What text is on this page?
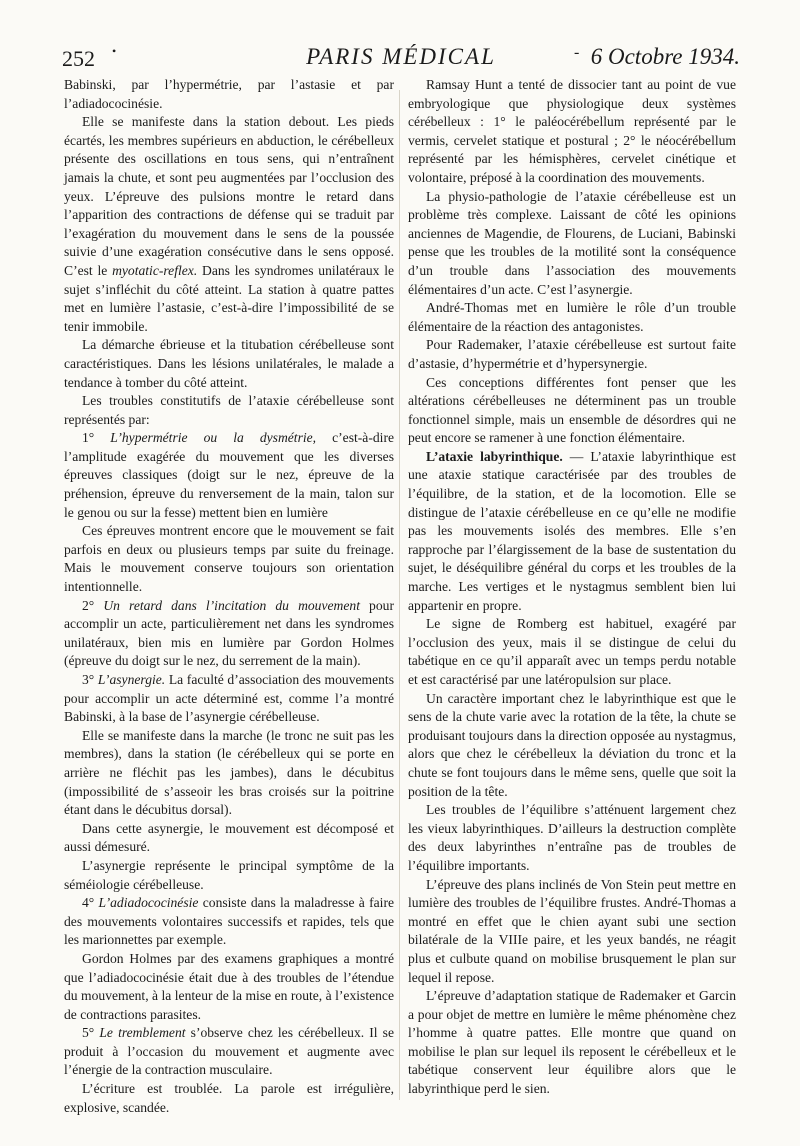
252 •	PARIS MÉDICAL	- 6 Octobre 1934.

Babinski, par l’hypermétrie, par l’astasie et par l’adiadococinésie.

Elle se manifeste dans la station debout. Les pieds écartés, les membres supérieurs en abduction, le cérébelleux présente des oscillations en tous sens, qui n’entraînent jamais la chute, et sont peu augmentées par l’occlusion des yeux. L’épreuve des pulsions montre le retard dans l’apparition des contractions de défense qui se traduit par l’exagération du mouvement dans le sens de la poussée suivie d’une exagération consécutive dans le sens opposé. C’est le myotatic-reflex. Dans les syndromes unilatéraux le sujet s’infléchit du côté atteint. La station à quatre pattes met en lumière l’astasie, c’est-à-dire l’impossibilité de se tenir immobile.

La démarche ébrieuse et la titubation cérébelleuse sont caractéristiques. Dans les lésions unilatérales, le malade a tendance à tomber du côté atteint.

Les troubles constitutifs de l’ataxie cérébelleuse sont représentés par:

1° L’hypermétrie ou la dysmétrie, c’est-à-dire l’amplitude exagérée du mouvement que les diverses épreuves classiques (doigt sur le nez, épreuve de la préhension, épreuve du renversement de la main, talon sur le genou ou sur la fesse) mettent bien en lumière

Ces épreuves montrent encore que le mouvement se fait parfois en deux ou plusieurs temps par suite du freinage. Mais le mouvement conserve toujours son orientation intentionnelle.

2° Un retard dans l’incitation du mouvement pour accomplir un acte, particulièrement net dans les syndromes unilatéraux, bien mis en lumière par Gordon Holmes (épreuve du doigt sur le nez, du serrement de la main).

3° L’asynergie. La faculté d’association des mouvements pour accomplir un acte déterminé est, comme l’a montré Babinski, à la base de l’asynergie cérébelleuse.

Elle se manifeste dans la marche (le tronc ne suit pas les membres), dans la station (le cérébelleux qui se porte en arrière ne fléchit pas les jambes), dans le décubitus (impossibilité de s’asseoir les bras croisés sur la poitrine étant dans le décubitus dorsal).

Dans cette asynergie, le mouvement est décomposé et aussi démesuré.

L’asynergie représente le principal symptôme de la séméiologie cérébelleuse.

4° L’adiadococinésie consiste dans la maladresse à faire des mouvements volontaires successifs et rapides, tels que les marionnettes par exemple.

Gordon Holmes par des examens graphiques a montré que l’adiadococinésie était due à des troubles de l’étendue du mouvement, à la lenteur de la mise en route, à l’existence de contractions parasites.

5° Le tremblement s’observe chez les cérébelleux. Il se produit à l’occasion du mouvement et augmente avec l’énergie de la contraction musculaire.

L’écriture est troublée. La parole est irrégulière, explosive, scandée.

Ramsay Hunt a tenté de dissocier tant au point de vue embryologique que physiologique deux systèmes cérébelleux : 1° le paléocérébellum représenté par le vermis, cervelet statique et postural ; 2° le néocérébellum représenté par les hémisphères, cervelet cinétique et volontaire, préposé à la coordination des mouvements.

La physio-pathologie de l’ataxie cérébelleuse est un problème très complexe. Laissant de côté les opinions anciennes de Magendie, de Flourens, de Luciani, Babinski pense que les troubles de la motilité sont la conséquence d’un trouble dans l’association des mouvements élémentaires d’un acte. C’est l’asynergie.

André-Thomas met en lumière le rôle d’un trouble élémentaire de la réaction des antagonistes.

Pour Rademaker, l’ataxie cérébelleuse est surtout faite d’astasie, d’hypermétrie et d’hypersynergie.

Ces conceptions différentes font penser que les altérations cérébelleuses ne déterminent pas un trouble fonctionnel simple, mais un ensemble de désordres qui ne peut encore se ramener à une fonction élémentaire.

L’ataxie labyrinthique. — L’ataxie labyrinthique est une ataxie statique caractérisée par des troubles de l’équilibre, de la station, et de la locomotion. Elle se distingue de l’ataxie cérébelleuse en ce qu’elle ne modifie pas les mouvements isolés des membres. Elle s’en rapproche par l’élargissement de la base de sustentation du sujet, le déséquilibre général du corps et les troubles de la marche. Les vertiges et le nystagmus semblent bien lui appartenir en propre.

Le signe de Romberg est habituel, exagéré par l’occlusion des yeux, mais il se distingue de celui du tabétique en ce qu’il apparaît avec un temps perdu notable et est caractérisé par une latéropulsion sur place.

Un caractère important chez le labyrinthique est que le sens de la chute varie avec la rotation de la tête, la chute se produisant toujours dans la direction opposée au nystagmus, alors que chez le cérébelleux la déviation du tronc et la chute se font toujours dans le même sens, quelle que soit la position de la tête.

Les troubles de l’équilibre s’atténuent largement chez les vieux labyrinthiques. D’ailleurs la destruction complète des deux labyrinthes n’entraîne pas de troubles de l’équilibre importants.

L’épreuve des plans inclinés de Von Stein peut mettre en lumière des troubles de l’équilibre frustes. André-Thomas a montré en effet que le chien ayant subi une section bilatérale de la VIIIe paire, et les yeux bandés, ne réagit plus et culbute quand on mobilise brusquement le plan sur lequel il repose.

L’épreuve d’adaptation statique de Rademaker et Garcin a pour objet de mettre en lumière le même phénomène chez l’homme à quatre pattes. Elle montre que quand on mobilise le plan sur lequel ils reposent le cérébelleux et le tabétique conservent leur équilibre alors que le labyrinthique perd le sien.
